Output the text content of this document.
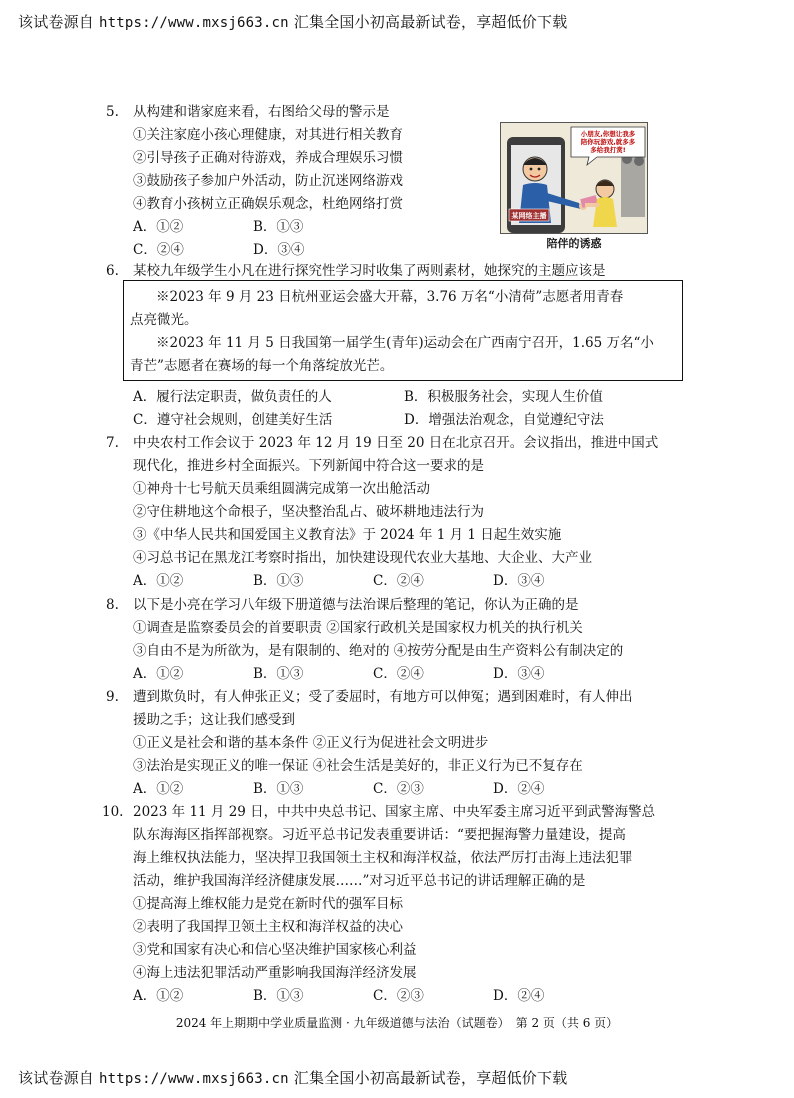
该试卷源自 https://www.mxsj663.cn 汇集全国小初高最新试卷，享超低价下载
5. 从构建和谐家庭来看，右图给父母的警示是
①关注家庭小孩心理健康，对其进行相关教育
②引导孩子正确对待游戏，养成合理娱乐习惯
③鼓励孩子参加户外活动，防止沉迷网络游戏
④教育小孩树立正确娱乐观念，杜绝网络打赏
A．①②	B．①③
C．②④	D．③④
某网络主播
小朋友,你想让我多
陪你玩游戏,就多多
多给我打赏!
陪伴的诱惑
6. 某校九年级学生小凡在进行探究性学习时收集了两则素材，她探究的主题应该是
※2023 年 9 月 23 日杭州亚运会盛大开幕，3.76 万名“小清荷”志愿者用青春
点亮微光。
※2023 年 11 月 5 日我国第一届学生(青年)运动会在广西南宁召开，1.65 万名“小
青芒”志愿者在赛场的每一个角落绽放光芒。
A．履行法定职责，做负责任的人	B．积极服务社会，实现人生价值
C．遵守社会规则，创建美好生活	D．增强法治观念，自觉遵纪守法
7. 中央农村工作会议于 2023 年 12 月 19 日至 20 日在北京召开。会议指出，推进中国式
现代化，推进乡村全面振兴。下列新闻中符合这一要求的是
①神舟十七号航天员乘组圆满完成第一次出舱活动
②守住耕地这个命根子，坚决整治乱占、破坏耕地违法行为
③《中华人民共和国爱国主义教育法》于 2024 年 1 月 1 日起生效实施
④习总书记在黑龙江考察时指出，加快建设现代农业大基地、大企业、大产业
A．①②	B．①③	C．②④	D．③④
8. 以下是小亮在学习八年级下册道德与法治课后整理的笔记，你认为正确的是
①调查是监察委员会的首要职责 ②国家行政机关是国家权力机关的执行机关
③自由不是为所欲为，是有限制的、绝对的 ④按劳分配是由生产资料公有制决定的
A．①②	B．①③	C．②④	D．③④
9. 遭到欺负时，有人伸张正义；受了委屈时，有地方可以伸冤；遇到困难时，有人伸出
援助之手；这让我们感受到
①正义是社会和谐的基本条件 ②正义行为促进社会文明进步
③法治是实现正义的唯一保证 ④社会生活是美好的，非正义行为已不复存在
A．①②	B．①③	C．②③	D．②④
10. 2023 年 11 月 29 日，中共中央总书记、国家主席、中央军委主席习近平到武警海警总
队东海海区指挥部视察。习近平总书记发表重要讲话：“要把握海警力量建设，提高
海上维权执法能力，坚决捍卫我国领土主权和海洋权益，依法严厉打击海上违法犯罪
活动，维护我国海洋经济健康发展……”对习近平总书记的讲话理解正确的是
①提高海上维权能力是党在新时代的强军目标
②表明了我国捍卫领土主权和海洋权益的决心
③党和国家有决心和信心坚决维护国家核心利益
④海上违法犯罪活动严重影响我国海洋经济发展
A．①②	B．①③	C．②③	D．②④
2024 年上期期中学业质量监测 · 九年级道德与法治（试题卷）　第 2 页（共 6 页）
该试卷源自 https://www.mxsj663.cn 汇集全国小初高最新试卷，享超低价下载
